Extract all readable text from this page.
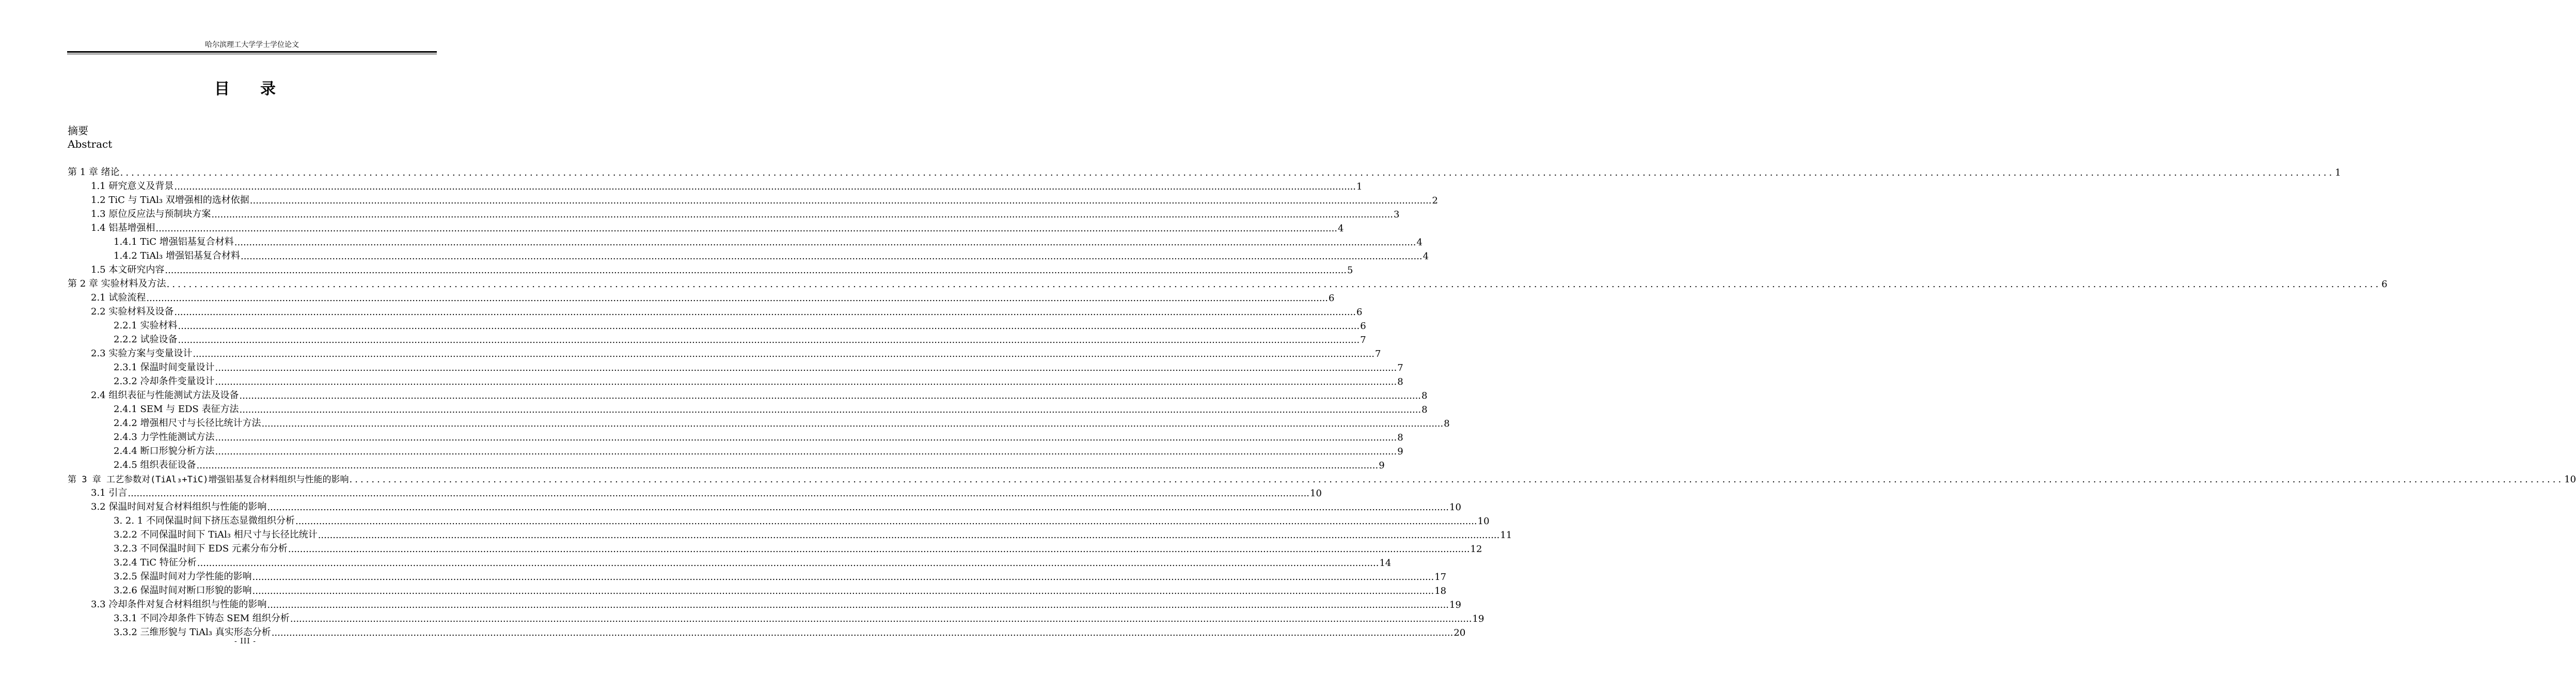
哈尔滨理工大学学士学位论文
目 录
摘要
Abstract
第 1 章 绪论 ................................................................................................................................................................................................................................................................................................................................................................................................................ 1
1.1 研究意义及背景 ................................................................................................................................................................................................................................................................................................................................................................................................................ 1
1.2 TiC 与 TiAl₃ 双增强相的选材依据 ................................................................................................................................................................................................................................................................................................................................................................................................................ 2
1.3 原位反应法与预制块方案 ................................................................................................................................................................................................................................................................................................................................................................................................................ 3
1.4 铝基增强相 ................................................................................................................................................................................................................................................................................................................................................................................................................ 4
1.4.1 TiC 增强铝基复合材料 ................................................................................................................................................................................................................................................................................................................................................................................................................ 4
1.4.2 TiAl₃ 增强铝基复合材料 ................................................................................................................................................................................................................................................................................................................................................................................................................ 4
1.5 本文研究内容 ................................................................................................................................................................................................................................................................................................................................................................................................................ 5
第 2 章 实验材料及方法 ................................................................................................................................................................................................................................................................................................................................................................................................................ 6
2.1 试验流程 ................................................................................................................................................................................................................................................................................................................................................................................................................ 6
2.2 实验材料及设备 ................................................................................................................................................................................................................................................................................................................................................................................................................ 6
2.2.1 实验材料 ................................................................................................................................................................................................................................................................................................................................................................................................................ 6
2.2.2 试验设备 ................................................................................................................................................................................................................................................................................................................................................................................................................ 7
2.3 实验方案与变量设计 ................................................................................................................................................................................................................................................................................................................................................................................................................ 7
2.3.1 保温时间变量设计 ................................................................................................................................................................................................................................................................................................................................................................................................................ 7
2.3.2 冷却条件变量设计 ................................................................................................................................................................................................................................................................................................................................................................................................................ 8
2.4 组织表征与性能测试方法及设备 ................................................................................................................................................................................................................................................................................................................................................................................................................ 8
2.4.1 SEM 与 EDS 表征方法 ................................................................................................................................................................................................................................................................................................................................................................................................................ 8
2.4.2 增强相尺寸与长径比统计方法 ................................................................................................................................................................................................................................................................................................................................................................................................................ 8
2.4.3 力学性能测试方法 ................................................................................................................................................................................................................................................................................................................................................................................................................ 8
2.4.4 断口形貌分析方法 ................................................................................................................................................................................................................................................................................................................................................................................................................ 9
2.4.5 组织表征设备 ................................................................................................................................................................................................................................................................................................................................................................................................................ 9
第 3 章 工艺参数对(TiAl₃+TiC)增强铝基复合材料组织与性能的影响 ................................................................................................................................................................................................................................................................................................................................................................................................................ 10
3.1 引言 ................................................................................................................................................................................................................................................................................................................................................................................................................ 10
3.2 保温时间对复合材料组织与性能的影响 ................................................................................................................................................................................................................................................................................................................................................................................................................ 10
3. 2. 1 不同保温时间下挤压态显微组织分析 ................................................................................................................................................................................................................................................................................................................................................................................................................ 10
3.2.2 不同保温时间下 TiAl₃ 相尺寸与长径比统计 ................................................................................................................................................................................................................................................................................................................................................................................................................ 11
3.2.3 不同保温时间下 EDS 元素分布分析 ................................................................................................................................................................................................................................................................................................................................................................................................................ 12
3.2.4 TiC 特征分析 ................................................................................................................................................................................................................................................................................................................................................................................................................ 14
3.2.5 保温时间对力学性能的影响 ................................................................................................................................................................................................................................................................................................................................................................................................................ 17
3.2.6 保温时间对断口形貌的影响 ................................................................................................................................................................................................................................................................................................................................................................................................................ 18
3.3 冷却条件对复合材料组织与性能的影响 ................................................................................................................................................................................................................................................................................................................................................................................................................ 19
3.3.1 不同冷却条件下铸态 SEM 组织分析 ................................................................................................................................................................................................................................................................................................................................................................................................................ 19
3.3.2 三维形貌与 TiAl₃ 真实形态分析 ................................................................................................................................................................................................................................................................................................................................................................................................................ 20
- III -
